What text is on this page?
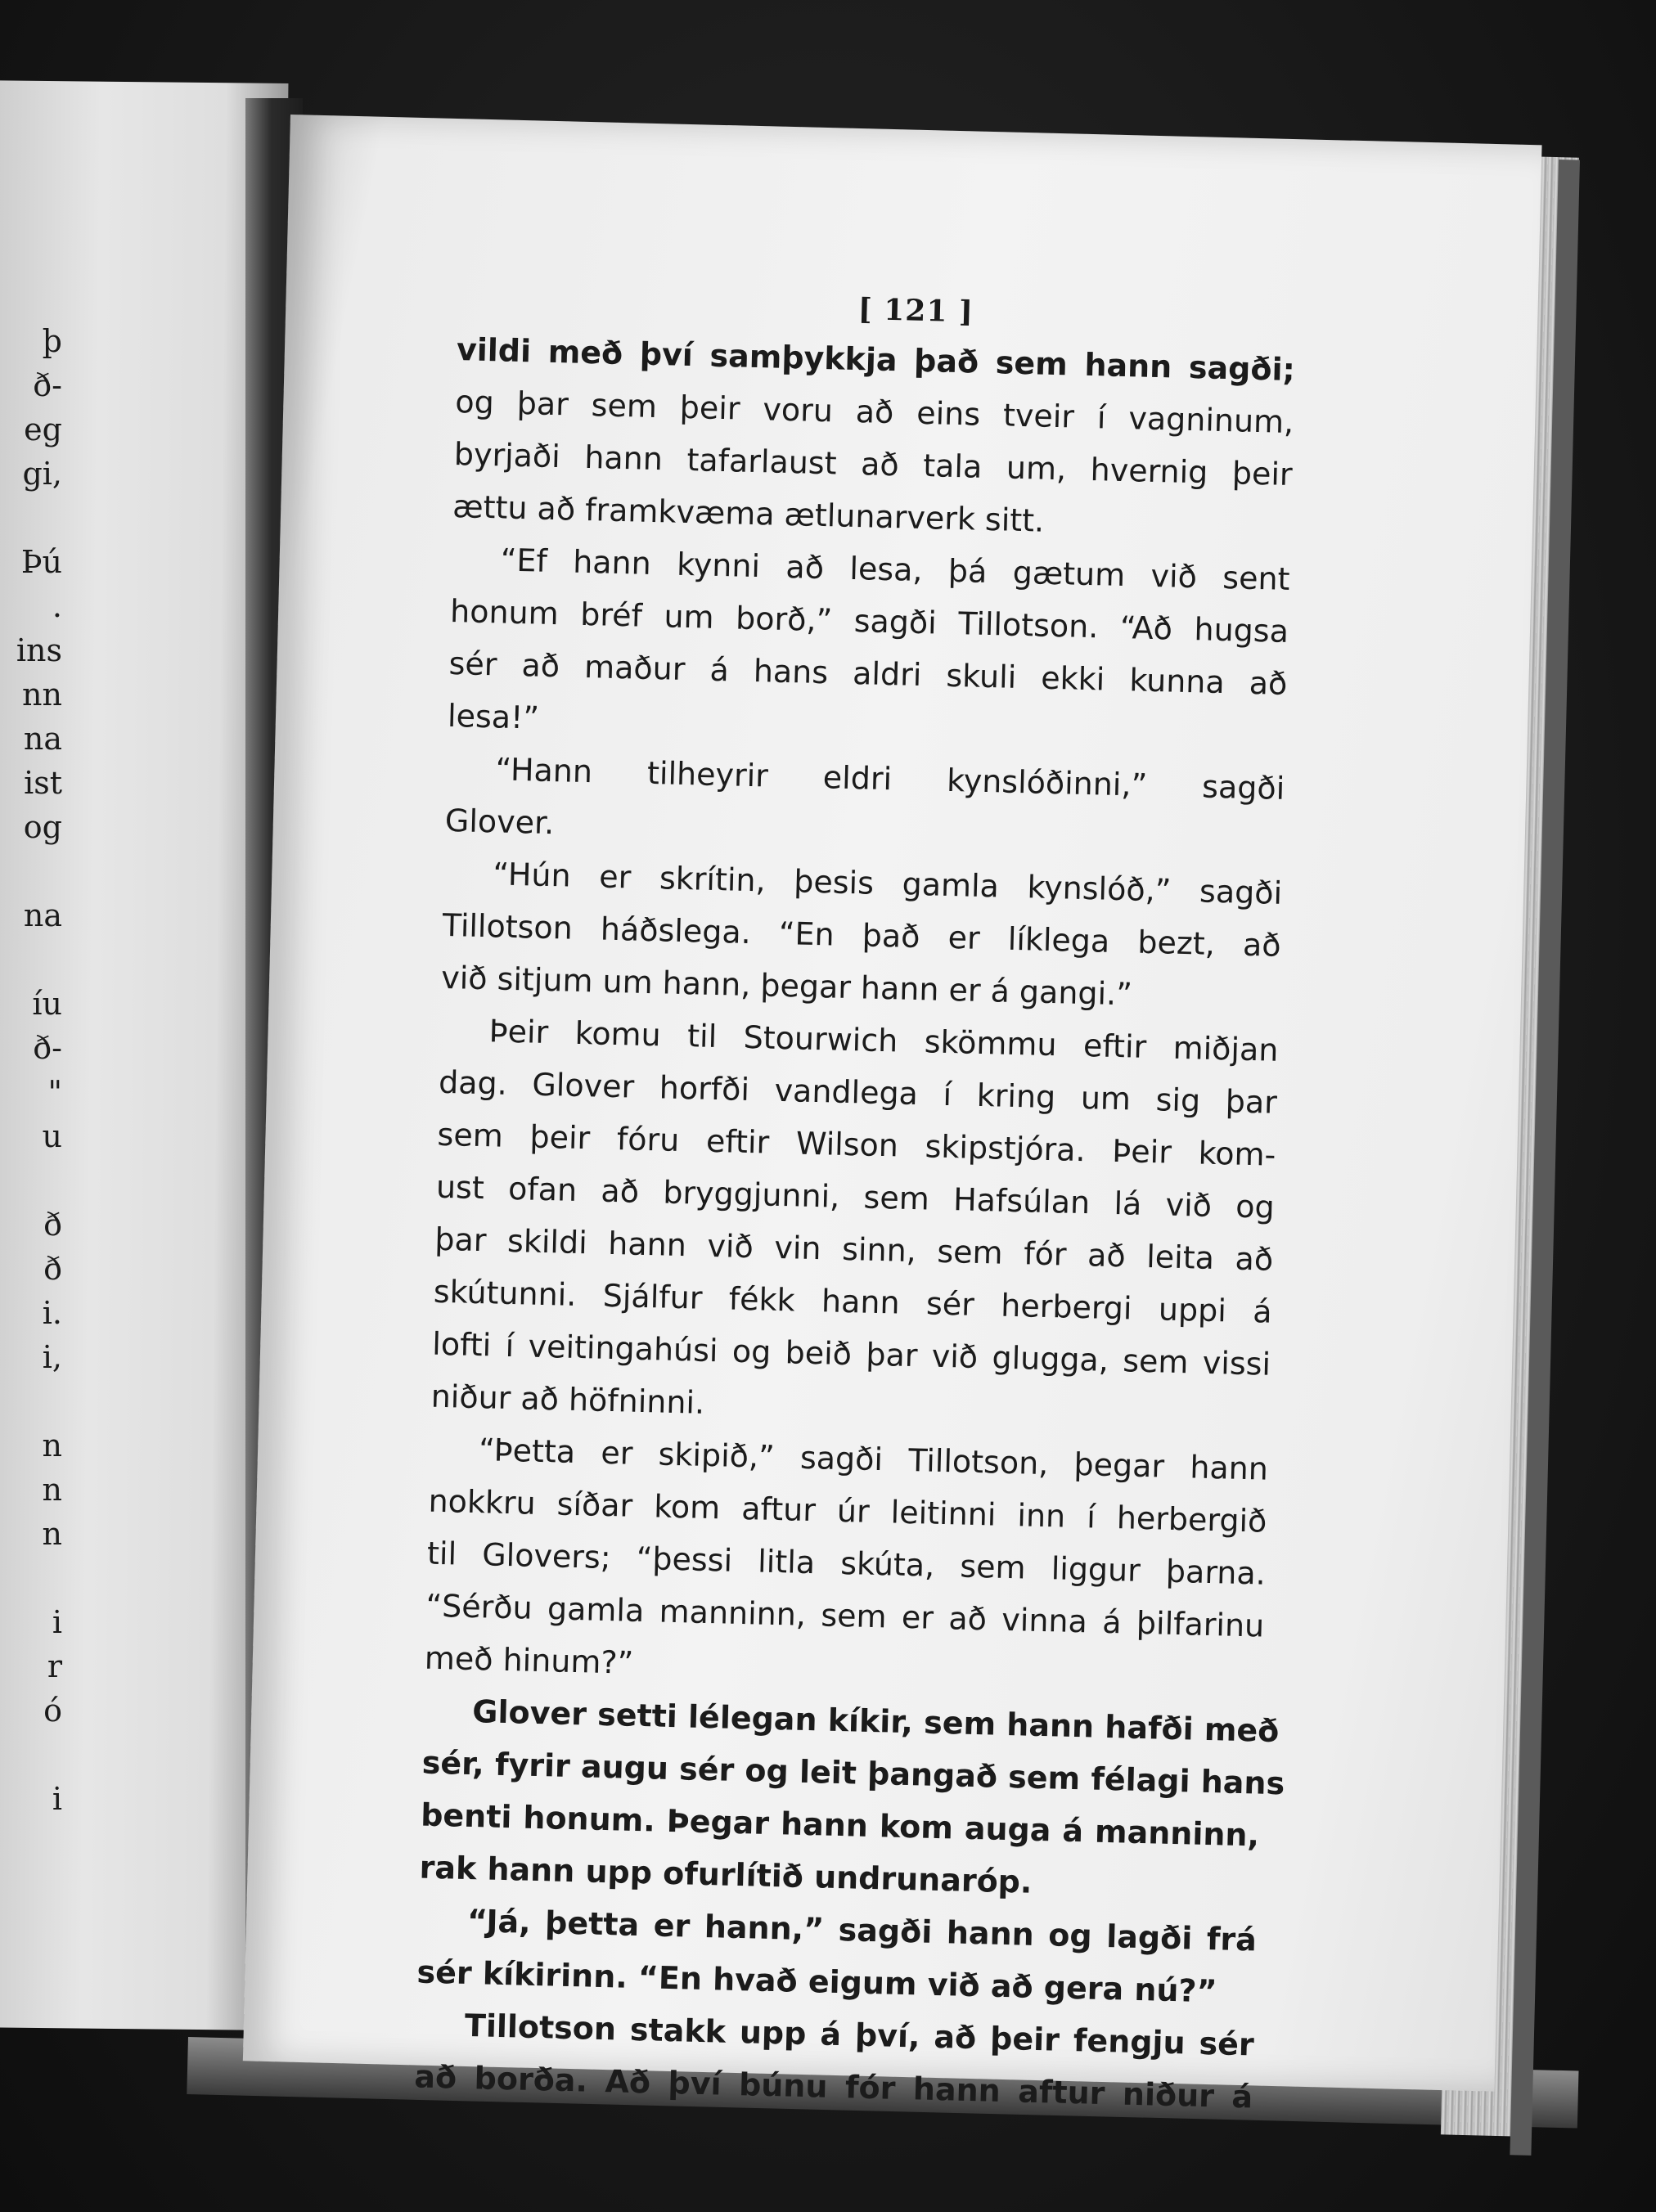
þ
ð-
eg
gi,
Þú
.
ins
nn
na
ist
og
na
íu
ð-
"
u
ð
ð
i.
i,
n
n
n
i
r
ó
i
[ 121 ]
vildi með því samþykkja það sem hann sagði;
og þar sem þeir voru að eins tveir í vagninum,
byrjaði hann tafarlaust að tala um, hvernig þeir
ættu að framkvæma ætlunarverk sitt.
“Ef hann kynni að lesa, þá gætum við sent
honum bréf um borð,” sagði Tillotson. “Að hugsa
sér að maður á hans aldri skuli ekki kunna að
lesa!”
“Hann tilheyrir eldri kynslóðinni,” sagði
Glover.
“Hún er skrítin, þesis gamla kynslóð,” sagði
Tillotson háðslega. “En það er líklega bezt, að
við sitjum um hann, þegar hann er á gangi.”
Þeir komu til Stourwich skömmu eftir miðjan
dag. Glover horfði vandlega í kring um sig þar
sem þeir fóru eftir Wilson skipstjóra. Þeir kom-
ust ofan að bryggjunni, sem Hafsúlan lá við og
þar skildi hann við vin sinn, sem fór að leita að
skútunni. Sjálfur fékk hann sér herbergi uppi á
lofti í veitingahúsi og beið þar við glugga, sem vissi
niður að höfninni.
“Þetta er skipið,” sagði Tillotson, þegar hann
nokkru síðar kom aftur úr leitinni inn í herbergið
til Glovers; “þessi litla skúta, sem liggur þarna.
“Sérðu gamla manninn, sem er að vinna á þilfarinu
með hinum?”
Glover setti lélegan kíkir, sem hann hafði með
sér, fyrir augu sér og leit þangað sem félagi hans
benti honum. Þegar hann kom auga á manninn,
rak hann upp ofurlítið undrunaróp.
“Já, þetta er hann,” sagði hann og lagði frá
sér kíkirinn. “En hvað eigum við að gera nú?”
Tillotson stakk upp á því, að þeir fengju sér
að borða. Að því búnu fór hann aftur niður á
